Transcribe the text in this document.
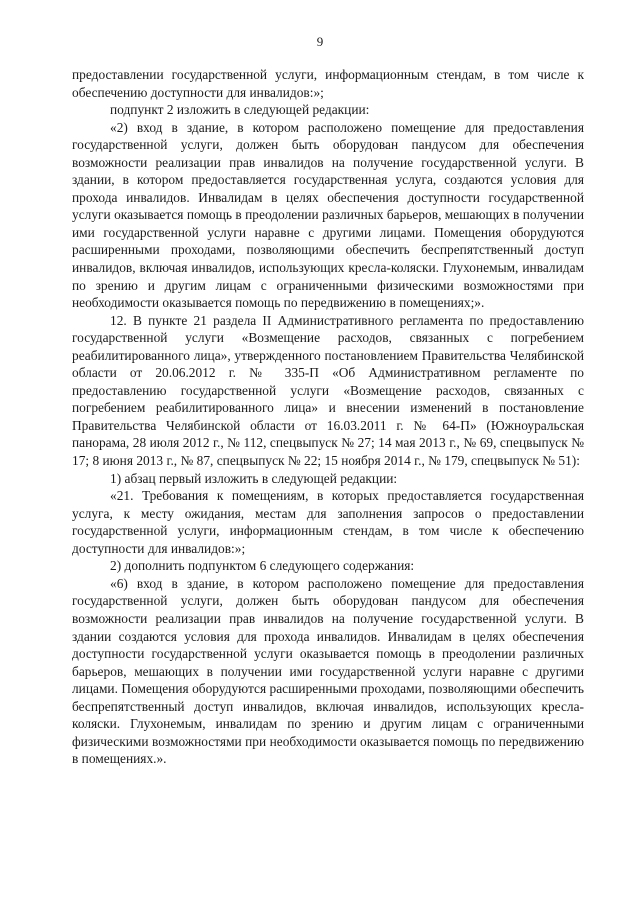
9

предоставлении государственной услуги, информационным стендам, в том числе к обеспечению доступности для инвалидов:»;

подпункт 2 изложить в следующей редакции:

«2) вход в здание, в котором расположено помещение для предоставления государственной услуги, должен быть оборудован пандусом для обеспечения возможности реализации прав инвалидов на получение государственной услуги. В здании, в котором предоставляется государственная услуга, создаются условия для прохода инвалидов. Инвалидам в целях обеспечения доступности государственной услуги оказывается помощь в преодолении различных барьеров, мешающих в получении ими государственной услуги наравне с другими лицами. Помещения оборудуются расширенными проходами, позволяющими обеспечить беспрепятственный доступ инвалидов, включая инвалидов, использующих кресла-коляски. Глухонемым, инвалидам по зрению и другим лицам с ограниченными физическими возможностями при необходимости оказывается помощь по передвижению в помещениях;».

12. В пункте 21 раздела II Административного регламента по предоставлению государственной услуги «Возмещение расходов, связанных с погребением реабилитированного лица», утвержденного постановлением Правительства Челябинской области от 20.06.2012 г. № 335-П «Об Административном регламенте по предоставлению государственной услуги «Возмещение расходов, связанных с погребением реабилитированного лица» и внесении изменений в постановление Правительства Челябинской области от 16.03.2011 г. № 64-П» (Южноуральская панорама, 28 июля 2012 г., № 112, спецвыпуск № 27; 14 мая 2013 г., № 69, спецвыпуск № 17; 8 июня 2013 г., № 87, спецвыпуск № 22; 15 ноября 2014 г., № 179, спецвыпуск № 51):

1) абзац первый изложить в следующей редакции:

«21. Требования к помещениям, в которых предоставляется государственная услуга, к месту ожидания, местам для заполнения запросов о предоставлении государственной услуги, информационным стендам, в том числе к обеспечению доступности для инвалидов:»;

2) дополнить подпунктом 6 следующего содержания:

«6) вход в здание, в котором расположено помещение для предоставления государственной услуги, должен быть оборудован пандусом для обеспечения возможности реализации прав инвалидов на получение государственной услуги. В здании создаются условия для прохода инвалидов. Инвалидам в целях обеспечения доступности государственной услуги оказывается помощь в преодолении различных барьеров, мешающих в получении ими государственной услуги наравне с другими лицами. Помещения оборудуются расширенными проходами, позволяющими обеспечить беспрепятственный доступ инвалидов, включая инвалидов, использующих кресла-коляски. Глухонемым, инвалидам по зрению и другим лицам с ограниченными физическими возможностями при необходимости оказывается помощь по передвижению в помещениях.».
